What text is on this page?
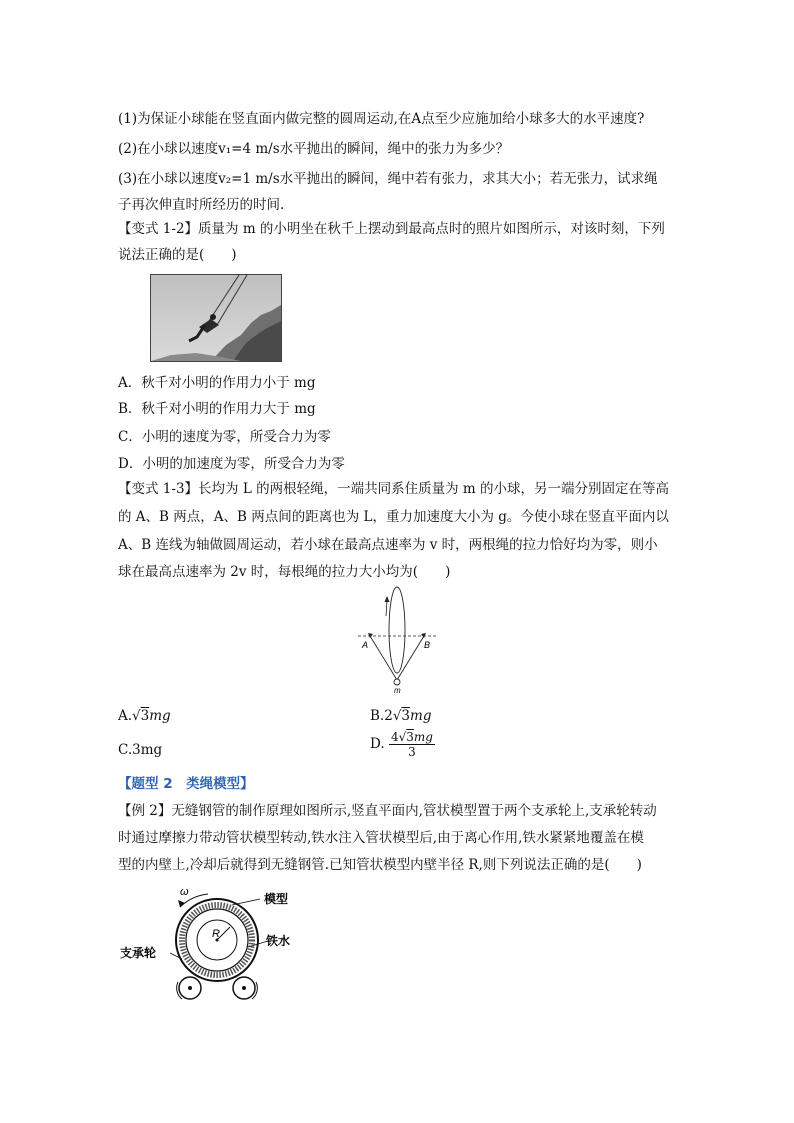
(1)为保证小球能在竖直面内做完整的圆周运动,在A点至少应施加给小球多大的水平速度?
(2)在小球以速度v₁=4 m/s水平抛出的瞬间，绳中的张力为多少？
(3)在小球以速度v₂=1 m/s水平抛出的瞬间，绳中若有张力，求其大小；若无张力，试求绳
子再次伸直时所经历的时间.
【变式 1-2】质量为 m 的小明坐在秋千上摆动到最高点时的照片如图所示，对该时刻，下列
说法正确的是(　　)
A．秋千对小明的作用力小于 mg
B．秋千对小明的作用力大于 mg
C．小明的速度为零，所受合力为零
D．小明的加速度为零，所受合力为零
【变式 1-3】长均为 L 的两根轻绳，一端共同系住质量为 m 的小球，另一端分别固定在等高
的 A、B 两点，A、B 两点间的距离也为 L，重力加速度大小为 g。今使小球在竖直平面内以
A、B 连线为轴做圆周运动，若小球在最高点速率为 v 时，两根绳的拉力恰好均为零，则小
球在最高点速率为 2v 时，每根绳的拉力大小均为(　　)
A	B
m
A.√3mg	B.2√3mg
C.3mg	D. $\frac{4√3mg}{3}$
【题型 2　类绳模型】
【例 2】无缝钢管的制作原理如图所示,竖直平面内,管状模型置于两个支承轮上,支承轮转动
时通过摩擦力带动管状模型转动,铁水注入管状模型后,由于离心作用,铁水紧紧地覆盖在模
型的内壁上,冷却后就得到无缝钢管.已知管状模型内壁半径 R,则下列说法正确的是(　　)
ω	模型
R	铁水
支承轮
